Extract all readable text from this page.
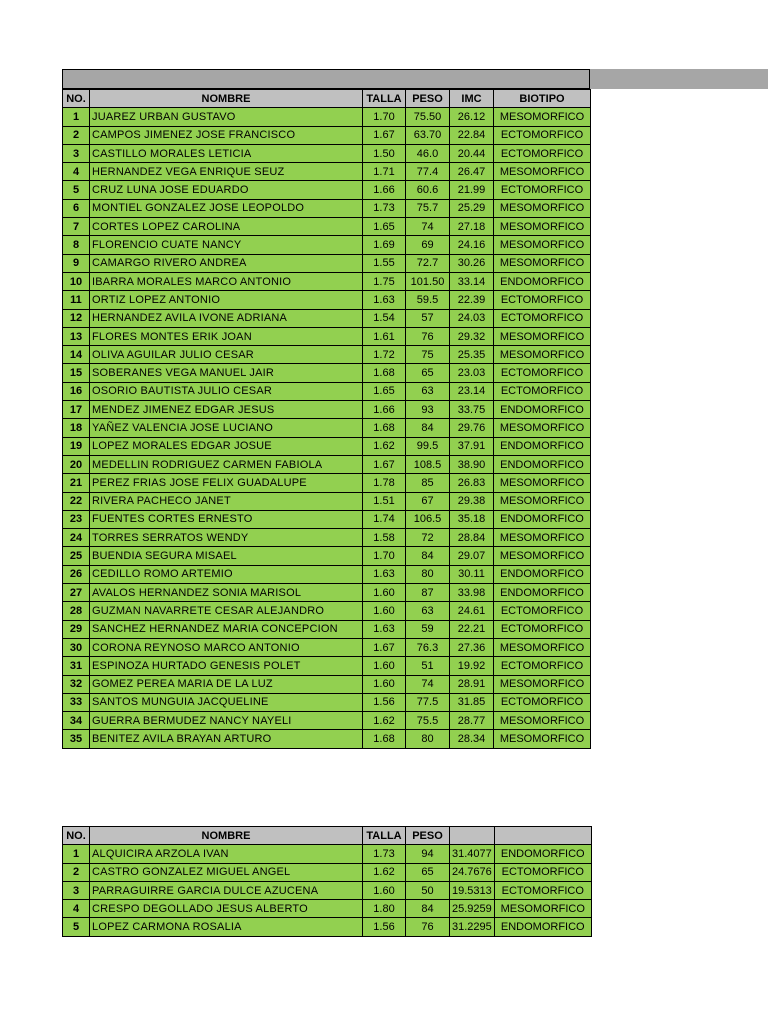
NO.	NOMBRE	TALLA	PESO	IMC	BIOTIPO
1	JUAREZ URBAN GUSTAVO	1.70	75.50	26.12	MESOMORFICO
2	CAMPOS JIMENEZ JOSE FRANCISCO	1.67	63.70	22.84	ECTOMORFICO
3	CASTILLO MORALES LETICIA	1.50	46.0	20.44	ECTOMORFICO
4	HERNANDEZ VEGA ENRIQUE SEUZ	1.71	77.4	26.47	MESOMORFICO
5	CRUZ LUNA JOSE EDUARDO	1.66	60.6	21.99	ECTOMORFICO
6	MONTIEL GONZALEZ JOSE LEOPOLDO	1.73	75.7	25.29	MESOMORFICO
7	CORTES LOPEZ CAROLINA	1.65	74	27.18	MESOMORFICO
8	FLORENCIO CUATE NANCY	1.69	69	24.16	MESOMORFICO
9	CAMARGO RIVERO ANDREA	1.55	72.7	30.26	MESOMORFICO
10	IBARRA MORALES MARCO ANTONIO	1.75	101.50	33.14	ENDOMORFICO
11	ORTIZ LOPEZ ANTONIO	1.63	59.5	22.39	ECTOMORFICO
12	HERNANDEZ AVILA IVONE ADRIANA	1.54	57	24.03	ECTOMORFICO
13	FLORES MONTES ERIK JOAN	1.61	76	29.32	MESOMORFICO
14	OLIVA AGUILAR JULIO CESAR	1.72	75	25.35	MESOMORFICO
15	SOBERANES VEGA MANUEL JAIR	1.68	65	23.03	ECTOMORFICO
16	OSORIO BAUTISTA JULIO CESAR	1.65	63	23.14	ECTOMORFICO
17	MENDEZ JIMENEZ EDGAR JESUS	1.66	93	33.75	ENDOMORFICO
18	YAÑEZ VALENCIA JOSE LUCIANO	1.68	84	29.76	MESOMORFICO
19	LOPEZ MORALES EDGAR JOSUE	1.62	99.5	37.91	ENDOMORFICO
20	MEDELLIN RODRIGUEZ CARMEN FABIOLA	1.67	108.5	38.90	ENDOMORFICO
21	PEREZ FRIAS JOSE FELIX GUADALUPE	1.78	85	26.83	MESOMORFICO
22	RIVERA PACHECO JANET	1.51	67	29.38	MESOMORFICO
23	FUENTES CORTES ERNESTO	1.74	106.5	35.18	ENDOMORFICO
24	TORRES SERRATOS WENDY	1.58	72	28.84	MESOMORFICO
25	BUENDIA SEGURA MISAEL	1.70	84	29.07	MESOMORFICO
26	CEDILLO ROMO ARTEMIO	1.63	80	30.11	ENDOMORFICO
27	AVALOS HERNANDEZ SONIA MARISOL	1.60	87	33.98	ENDOMORFICO
28	GUZMAN NAVARRETE CESAR ALEJANDRO	1.60	63	24.61	ECTOMORFICO
29	SANCHEZ HERNANDEZ MARIA CONCEPCION	1.63	59	22.21	ECTOMORFICO
30	CORONA REYNOSO MARCO ANTONIO	1.67	76.3	27.36	MESOMORFICO
31	ESPINOZA HURTADO GENESIS POLET	1.60	51	19.92	ECTOMORFICO
32	GOMEZ PEREA MARIA DE LA LUZ	1.60	74	28.91	MESOMORFICO
33	SANTOS MUNGUIA JACQUELINE	1.56	77.5	31.85	ECTOMORFICO
34	GUERRA BERMUDEZ NANCY NAYELI	1.62	75.5	28.77	MESOMORFICO
35	BENITEZ AVILA BRAYAN ARTURO	1.68	80	28.34	MESOMORFICO
NO.	NOMBRE	TALLA	PESO		
1	ALQUICIRA ARZOLA IVAN	1.73	94	31.4077	ENDOMORFICO
2	CASTRO GONZALEZ MIGUEL ANGEL	1.62	65	24.7676	ECTOMORFICO
3	PARRAGUIRRE GARCIA DULCE AZUCENA	1.60	50	19.5313	ECTOMORFICO
4	CRESPO DEGOLLADO JESUS ALBERTO	1.80	84	25.9259	MESOMORFICO
5	LOPEZ CARMONA ROSALIA	1.56	76	31.2295	ENDOMORFICO
